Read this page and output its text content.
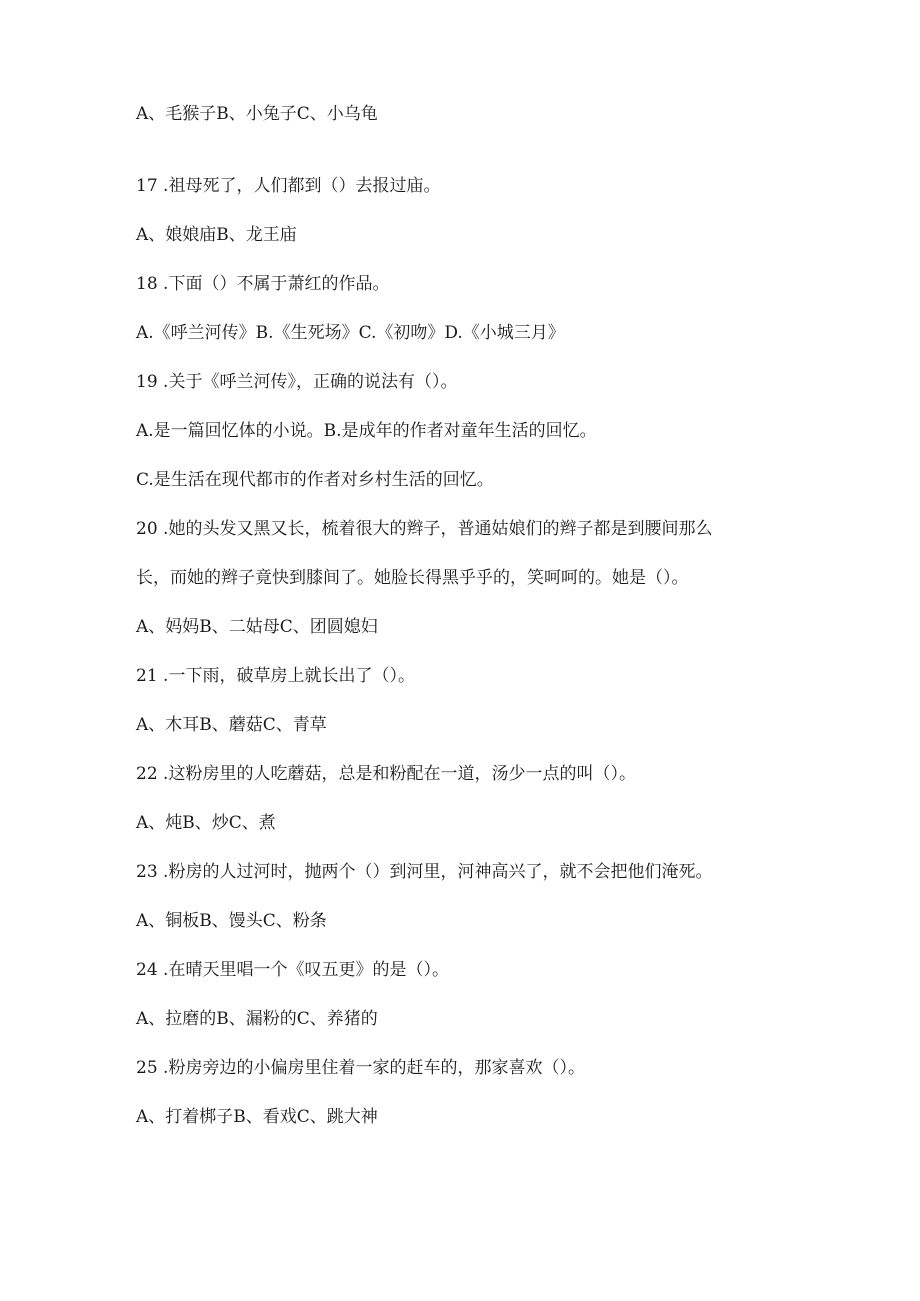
A、毛猴子B、小兔子C、小乌龟
17 .祖母死了，人们都到（）去报过庙。
A、娘娘庙B、龙王庙
18 .下面（）不属于萧红的作品。
A.《呼兰河传》B.《生死场》C.《初吻》D.《小城三月》
19 .关于《呼兰河传》，正确的说法有（）。
A.是一篇回忆体的小说。B.是成年的作者对童年生活的回忆。
C.是生活在现代都市的作者对乡村生活的回忆。
20 .她的头发又黑又长，梳着很大的辫子，普通姑娘们的辫子都是到腰间那么
长，而她的辫子竟快到膝间了。她脸长得黑乎乎的，笑呵呵的。她是（）。
A、妈妈B、二姑母C、团圆媳妇
21 .一下雨，破草房上就长出了（）。
A、木耳B、蘑菇C、青草
22 .这粉房里的人吃蘑菇，总是和粉配在一道，汤少一点的叫（）。
A、炖B、炒C、煮
23 .粉房的人过河时，抛两个（）到河里，河神高兴了，就不会把他们淹死。
A、铜板B、馒头C、粉条
24 .在晴天里唱一个《叹五更》的是（）。
A、拉磨的B、漏粉的C、养猪的
25 .粉房旁边的小偏房里住着一家的赶车的，那家喜欢（）。
A、打着梆子B、看戏C、跳大神
